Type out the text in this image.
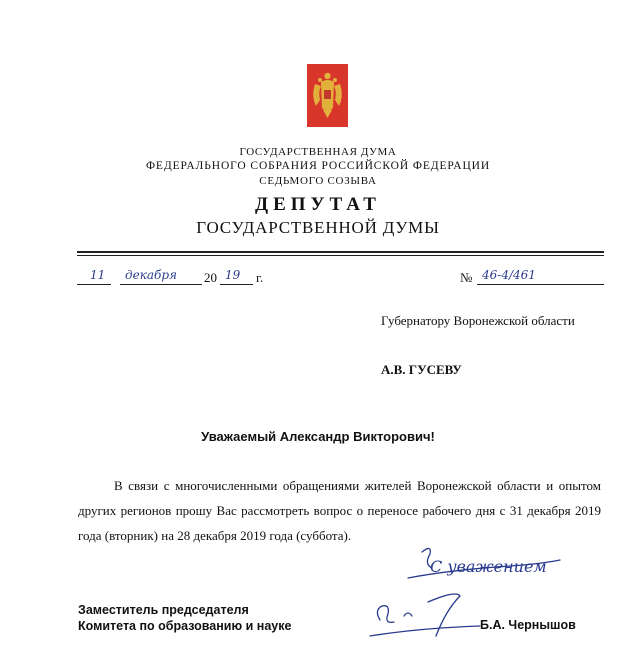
ГОСУДАРСТВЕННАЯ ДУМА
ФЕДЕРАЛЬНОГО СОБРАНИЯ РОССИЙСКОЙ ФЕДЕРАЦИИ
СЕДЬМОГО СОЗЫВА
ДЕПУТАТ
ГОСУДАРСТВЕННОЙ ДУМЫ
11 декабря 20 19 г.	№ 46-4/461
Губернатору Воронежской области
А.В. ГУСЕВУ
Уважаемый Александр Викторович!

В связи с многочисленными обращениями жителей Воронежской области и опытом других регионов прошу Вас рассмотреть вопрос о переносе рабочего дня с 31 декабря 2019 года (вторник) на 28 декабря 2019 года (суббота).

С уважением
Заместитель председателя
Комитета по образованию и науке	Б.А. Чернышов
